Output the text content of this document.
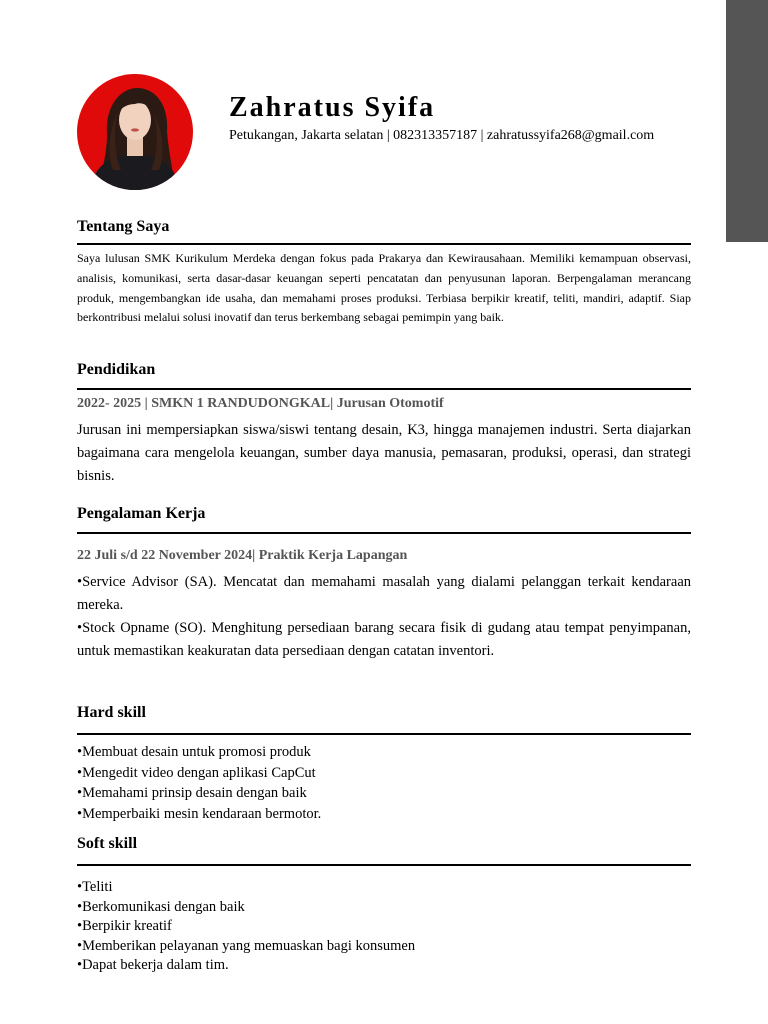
Zahratus Syifa
Petukangan, Jakarta selatan | 082313357187 | zahratussyifa268@gmail.com
Tentang Saya

Saya lulusan SMK Kurikulum Merdeka dengan fokus pada Prakarya dan Kewirausahaan. Memiliki kemampuan observasi, analisis, komunikasi, serta dasar-dasar keuangan seperti pencatatan dan penyusunan laporan. Berpengalaman merancang produk, mengembangkan ide usaha, dan memahami proses produksi. Terbiasa berpikir kreatif, teliti, mandiri, adaptif. Siap berkontribusi melalui solusi inovatif dan terus berkembang sebagai pemimpin yang baik.

Pendidikan
2022- 2025 | SMKN 1 RANDUDONGKAL| Jurusan Otomotif

Jurusan ini mempersiapkan siswa/siswi tentang desain, K3, hingga manajemen industri. Serta diajarkan bagaimana cara mengelola keuangan, sumber daya manusia, pemasaran, produksi, operasi, dan strategi bisnis.

Pengalaman Kerja
22 Juli s/d 22 November 2024| Praktik Kerja Lapangan

•Service Advisor (SA). Mencatat dan memahami masalah yang dialami pelanggan terkait kendaraan mereka.

•Stock Opname (SO). Menghitung persediaan barang secara fisik di gudang atau tempat penyimpanan, untuk memastikan keakuratan data persediaan dengan catatan inventori.

Hard skill
•Membuat desain untuk promosi produk
•Mengedit video dengan aplikasi CapCut
•Memahami prinsip desain dengan baik
•Memperbaiki mesin kendaraan bermotor.
Soft skill
•Teliti
•Berkomunikasi dengan baik
•Berpikir kreatif
•Memberikan pelayanan yang memuaskan bagi konsumen
•Dapat bekerja dalam tim.
